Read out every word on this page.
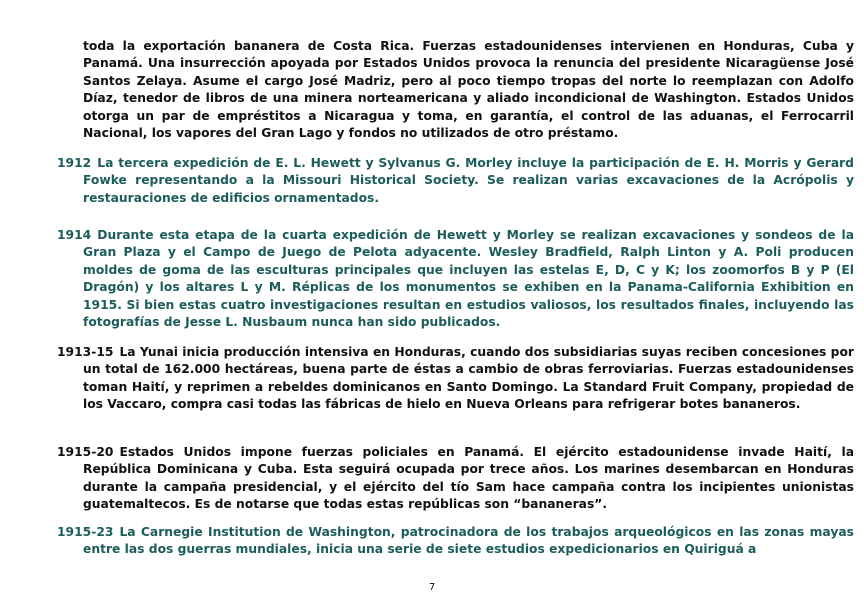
toda la exportación bananera de Costa Rica. Fuerzas estadounidenses intervienen en Honduras, Cuba y Panamá. Una insurrección apoyada por Estados Unidos provoca la renuncia del presidente Nicaragüense José Santos Zelaya. Asume el cargo José Madriz, pero al poco tiempo tropas del norte lo reemplazan con Adolfo Díaz, tenedor de libros de una minera norteamericana y aliado incondicional de Washington. Estados Unidos otorga un par de empréstitos a Nicaragua y toma, en garantía, el control de las aduanas, el Ferrocarril Nacional, los vapores del Gran Lago y fondos no utilizados de otro préstamo.

1912 La tercera expedición de E. L. Hewett y Sylvanus G. Morley incluye la participación de E. H. Morris y Gerard Fowke representando a la Missouri Historical Society. Se realizan varias excavaciones de la Acrópolis y restauraciones de edificios ornamentados.

1914 Durante esta etapa de la cuarta expedición de Hewett y Morley se realizan excavaciones y sondeos de la Gran Plaza y el Campo de Juego de Pelota adyacente. Wesley Bradfield, Ralph Linton y A. Poli producen moldes de goma de las esculturas principales que incluyen las estelas E, D, C y K; los zoomorfos B y P (El Dragón) y los altares L y M. Réplicas de los monumentos se exhiben en la Panama-California Exhibition en 1915. Si bien estas cuatro investigaciones resultan en estudios valiosos, los resultados finales, incluyendo las fotografías de Jesse L. Nusbaum nunca han sido publicados.

1913-15 La Yunai inicia producción intensiva en Honduras, cuando dos subsidiarias suyas reciben concesiones por un total de 162.000 hectáreas, buena parte de éstas a cambio de obras ferroviarias. Fuerzas estadounidenses toman Haití, y reprimen a rebeldes dominicanos en Santo Domingo. La Standard Fruit Company, propiedad de los Vaccaro, compra casi todas las fábricas de hielo en Nueva Orleans para refrigerar botes bananeros.

1915-20 Estados Unidos impone fuerzas policiales en Panamá. El ejército estadounidense invade Haití, la República Dominicana y Cuba. Esta seguirá ocupada por trece años. Los marines desembarcan en Honduras durante la campaña presidencial, y el ejército del tío Sam hace campaña contra los incipientes unionistas guatemaltecos. Es de notarse que todas estas repúblicas son “bananeras”.

1915-23 La Carnegie Institution de Washington, patrocinadora de los trabajos arqueológicos en las zonas mayas entre las dos guerras mundiales, inicia una serie de siete estudios expedicionarios en Quiriguá a

7
